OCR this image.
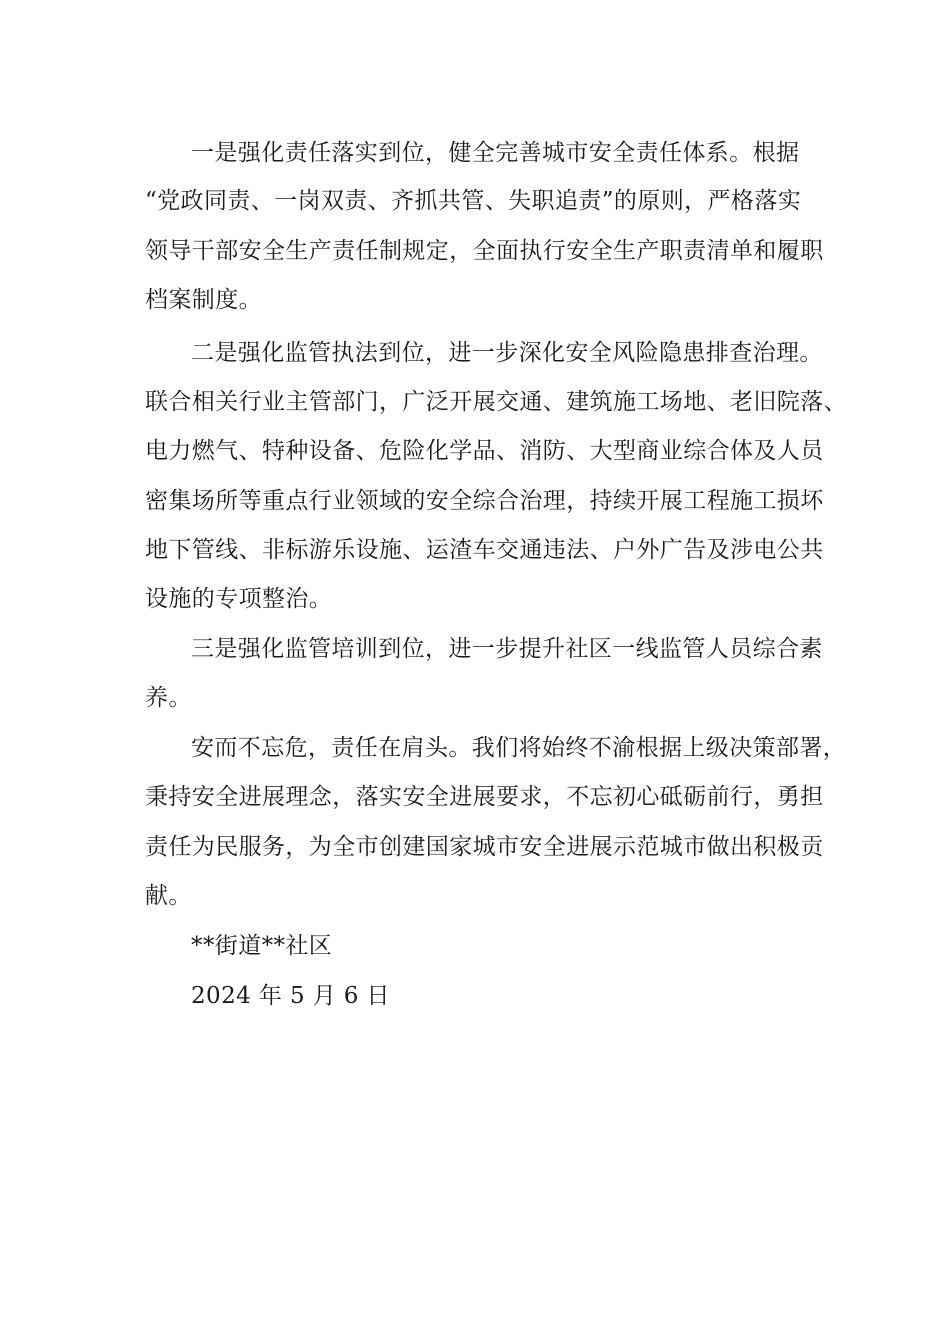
一是强化责任落实到位，健全完善城市安全责任体系。根据
“党政同责、一岗双责、齐抓共管、失职追责”的原则，严格落实
领导干部安全生产责任制规定，全面执行安全生产职责清单和履职
档案制度。
二是强化监管执法到位，进一步深化安全风险隐患排查治理。
联合相关行业主管部门，广泛开展交通、建筑施工场地、老旧院落、
电力燃气、特种设备、危险化学品、消防、大型商业综合体及人员
密集场所等重点行业领域的安全综合治理，持续开展工程施工损坏
地下管线、非标游乐设施、运渣车交通违法、户外广告及涉电公共
设施的专项整治。
三是强化监管培训到位，进一步提升社区一线监管人员综合素
养。
安而不忘危，责任在肩头。我们将始终不渝根据上级决策部署，
秉持安全进展理念，落实安全进展要求，不忘初心砥砺前行，勇担
责任为民服务，为全市创建国家城市安全进展示范城市做出积极贡
献。
**街道**社区
2024 年 5 月 6 日
